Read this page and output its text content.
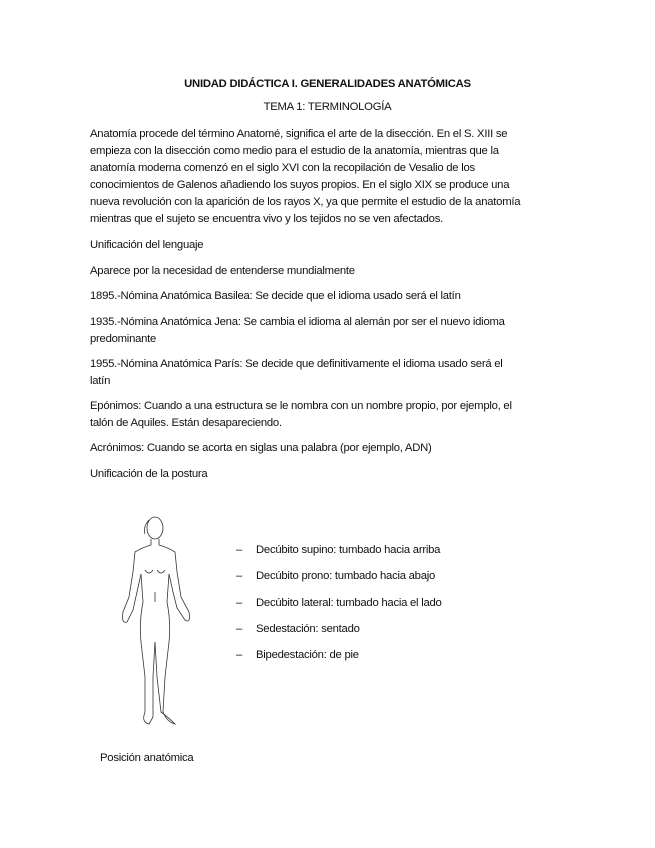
UNIDAD DIDÁCTICA I. GENERALIDADES ANATÓMICAS
TEMA 1: TERMINOLOGÍA
Anatomía procede del término Anatomé, significa el arte de la disección. En el S. XIII se
empieza con la disección como medio para el estudio de la anatomía, mientras que la
anatomía moderna comenzó en el siglo XVI con la recopilación de Vesalio de los
conocimientos de Galenos añadiendo los suyos propios. En el siglo XIX se produce una
nueva revolución con la aparición de los rayos X, ya que permite el estudio de la anatomía
mientras que el sujeto se encuentra vivo y los tejidos no se ven afectados.
Unificación del lenguaje
Aparece por la necesidad de entenderse mundialmente
1895.-Nómina Anatómica Basilea: Se decide que el idioma usado será el latín
1935.-Nómina Anatómica Jena: Se cambia el idioma al alemán por ser el nuevo idioma
predominante
1955.-Nómina Anatómica París: Se decide que definitivamente el idioma usado será el
latín
Epónimos: Cuando a una estructura se le nombra con un nombre propio, por ejemplo, el
talón de Aquiles. Están desapareciendo.
Acrónimos: Cuando se acorta en siglas una palabra (por ejemplo, ADN)
Unificación de la postura
– Decúbito supino: tumbado hacia arriba
– Decúbito prono: tumbado hacia abajo
– Decúbito lateral: tumbado hacia el lado
– Sedestación: sentado
– Bipedestación: de pie
Posición anatómica
